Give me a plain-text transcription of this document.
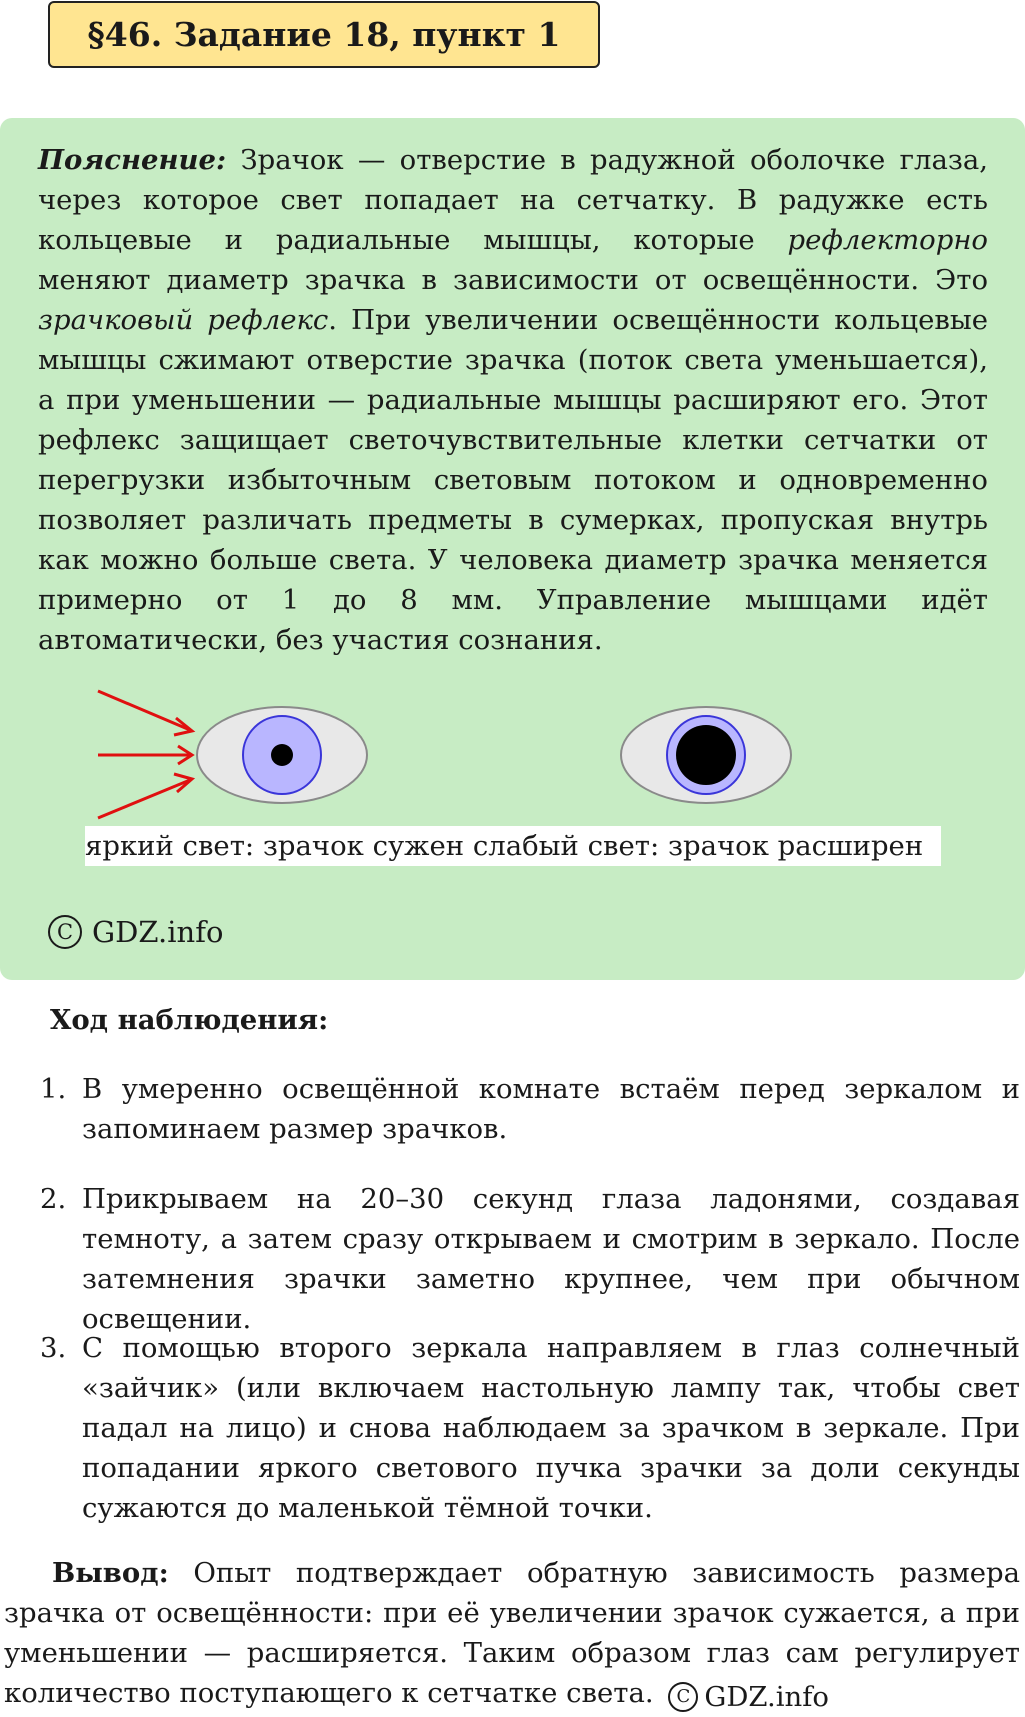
§46. Задание 18, пункт 1

Пояснение: Зрачок — отверстие в радужной оболочке глаза, через которое свет попадает на сетчатку. В радужке есть кольцевые и радиальные мышцы, которые рефлекторно меняют диаметр зрачка в зависимости от освещённости. Это зрачковый рефлекс. При увеличении освещённости кольцевые мышцы сжимают отверстие зрачка (поток света уменьшается), а при уменьшении — радиальные мышцы расширяют его. Этот рефлекс защищает светочувствительные клетки сетчатки от перегрузки избыточным световым потоком и одновременно позволяет различать предметы в сумерках, пропуская внутрь как можно больше света. У человека диаметр зрачка меняется примерно от 1 до 8 мм. Управление мышцами идёт автоматически, без участия сознания.

яркий свет: зрачок сужен слабый свет: зрачок расширен
C GDZ.info
Ход наблюдения:
1. В умеренно освещённой комнате встаём перед зеркалом и запоминаем размер зрачков.

2. Прикрываем на 20–30 секунд глаза ладонями, создавая темноту, а затем сразу открываем и смотрим в зеркало. После затемнения зрачки заметно крупнее, чем при обычном освещении.

3. С помощью второго зеркала направляем в глаз солнечный «зайчик» (или включаем настольную лампу так, чтобы свет падал на лицо) и снова наблюдаем за зрачком в зеркале. При попадании яркого светового пучка зрачки за доли секунды сужаются до маленькой тёмной точки.

Вывод: Опыт подтверждает обратную зависимость размера зрачка от освещённости: при её увеличении зрачок сужается, а при уменьшении — расширяется. Таким образом глаз сам регулирует количество поступающего к сетчатке света.	C GDZ.info
